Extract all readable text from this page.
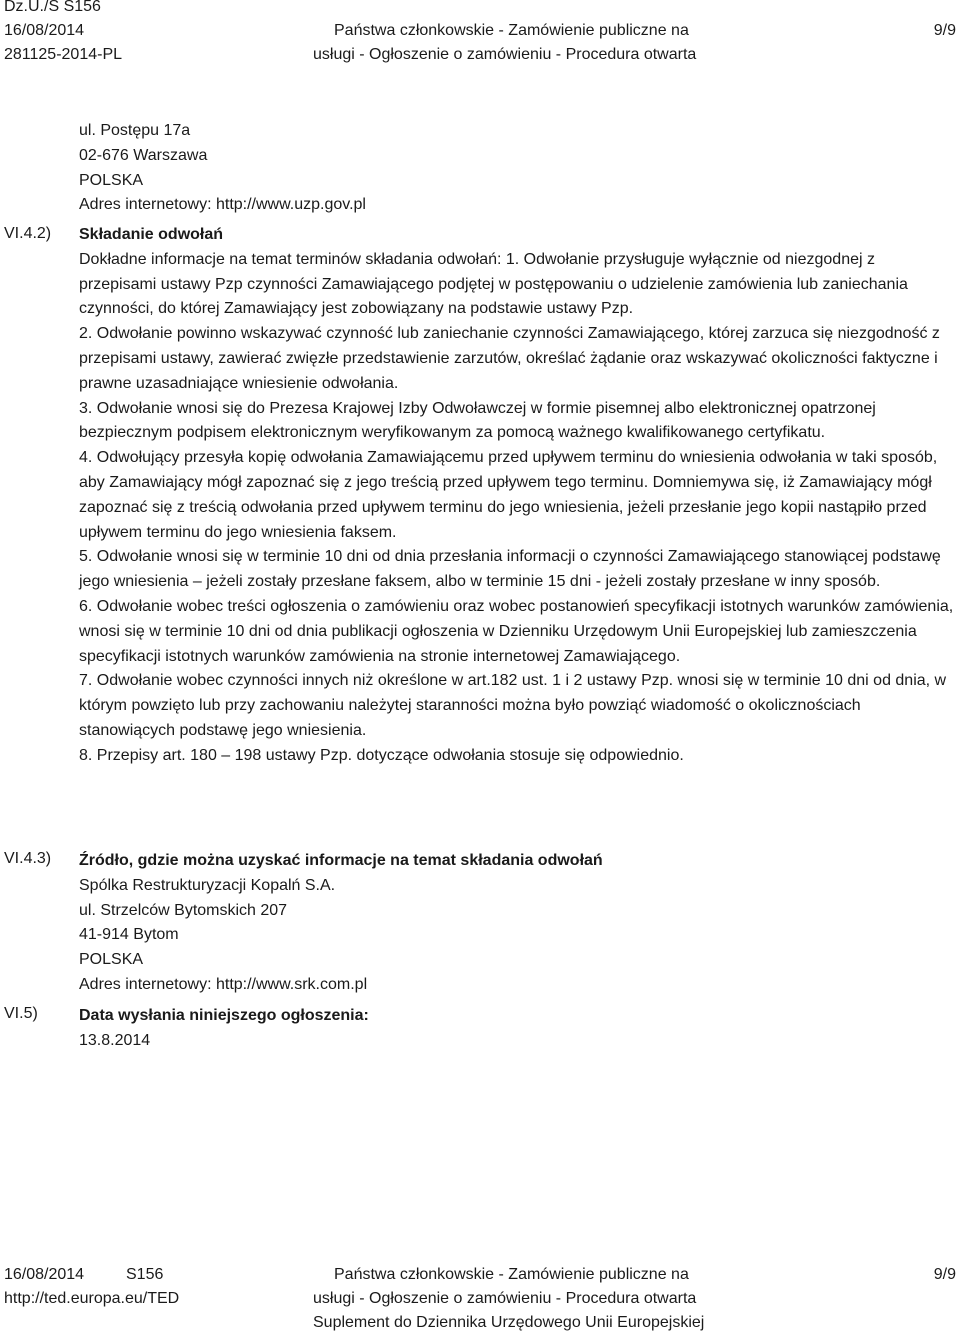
Dz.U./S S156
16/08/2014
281125-2014-PL
Państwa członkowskie - Zamówienie publiczne na
usługi - Ogłoszenie o zamówieniu - Procedura otwarta
9/9

ul. Postępu 17a

02-676 Warszawa

POLSKA

Adres internetowy: http://www.uzp.gov.pl

VI.4.2)	Składanie odwołań

Dokładne informacje na temat terminów składania odwołań: 1. Odwołanie przysługuje wyłącznie od niezgodnej z przepisami ustawy Pzp czynności Zamawiającego podjętej w postępowaniu o udzielenie zamówienia lub zaniechania czynności, do której Zamawiający jest zobowiązany na podstawie ustawy Pzp.

2. Odwołanie powinno wskazywać czynność lub zaniechanie czynności Zamawiającego, której zarzuca się niezgodność z przepisami ustawy, zawierać zwięzłe przedstawienie zarzutów, określać żądanie oraz wskazywać okoliczności faktyczne i prawne uzasadniające wniesienie odwołania.

3. Odwołanie wnosi się do Prezesa Krajowej Izby Odwoławczej w formie pisemnej albo elektronicznej opatrzonej bezpiecznym podpisem elektronicznym weryfikowanym za pomocą ważnego kwalifikowanego certyfikatu.

4. Odwołujący przesyła kopię odwołania Zamawiającemu przed upływem terminu do wniesienia odwołania w taki sposób, aby Zamawiający mógł zapoznać się z jego treścią przed upływem tego terminu. Domniemywa się, iż Zamawiający mógł zapoznać się z treścią odwołania przed upływem terminu do jego wniesienia, jeżeli przesłanie jego kopii nastąpiło przed upływem terminu do jego wniesienia faksem.

5. Odwołanie wnosi się w terminie 10 dni od dnia przesłania informacji o czynności Zamawiającego stanowiącej podstawę jego wniesienia – jeżeli zostały przesłane faksem, albo w terminie 15 dni - jeżeli zostały przesłane w inny sposób.

6. Odwołanie wobec treści ogłoszenia o zamówieniu oraz wobec postanowień specyfikacji istotnych warunków zamówienia, wnosi się w terminie 10 dni od dnia publikacji ogłoszenia w Dzienniku Urzędowym Unii Europejskiej lub zamieszczenia specyfikacji istotnych warunków zamówienia na stronie internetowej Zamawiającego.

7. Odwołanie wobec czynności innych niż określone w art.182 ust. 1 i 2 ustawy Pzp. wnosi się w terminie 10 dni od dnia, w którym powzięto lub przy zachowaniu należytej staranności można było powziąć wiadomość o okolicznościach stanowiących podstawę jego wniesienia.

8. Przepisy art. 180 – 198 ustawy Pzp. dotyczące odwołania stosuje się odpowiednio.

VI.4.3)	Źródło, gdzie można uzyskać informacje na temat składania odwołań

Spólka Restrukturyzacji Kopalń S.A.

ul. Strzelców Bytomskich 207

41-914 Bytom

POLSKA

Adres internetowy: http://www.srk.com.pl

VI.5)	Data wysłania niniejszego ogłoszenia:

13.8.2014

16/08/2014	S156
http://ted.europa.eu/TED
Państwa członkowskie - Zamówienie publiczne na
usługi - Ogłoszenie o zamówieniu - Procedura otwarta
Suplement do Dziennika Urzędowego Unii Europejskiej
9/9
